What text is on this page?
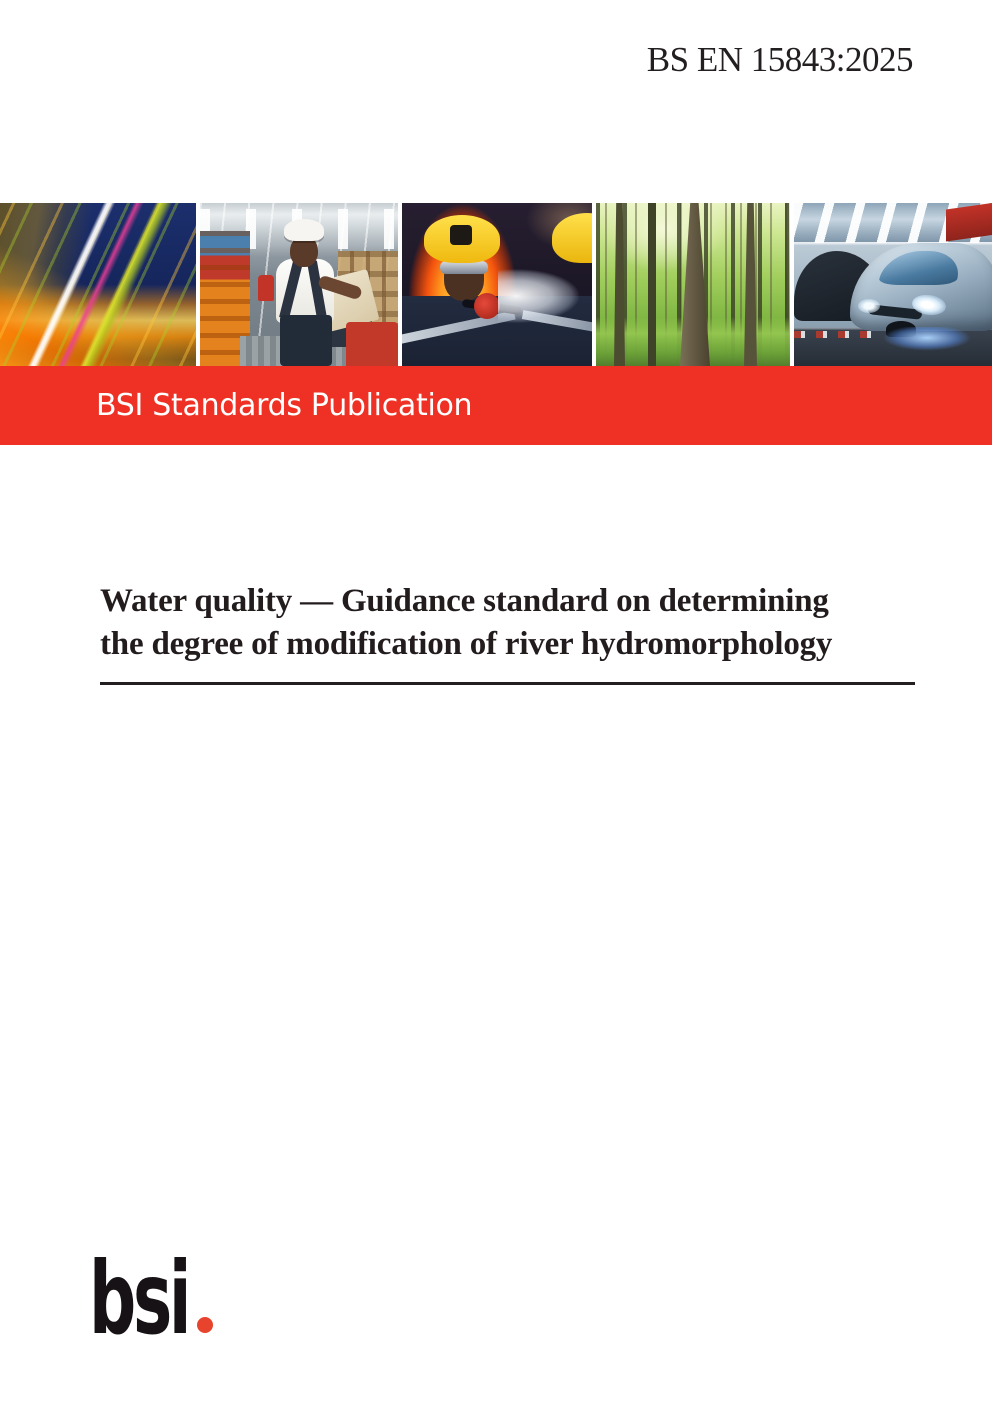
BS EN 15843:2025
BSI Standards Publication
Water quality — Guidance standard on determining
the degree of modification of river hydromorphology
bsi
